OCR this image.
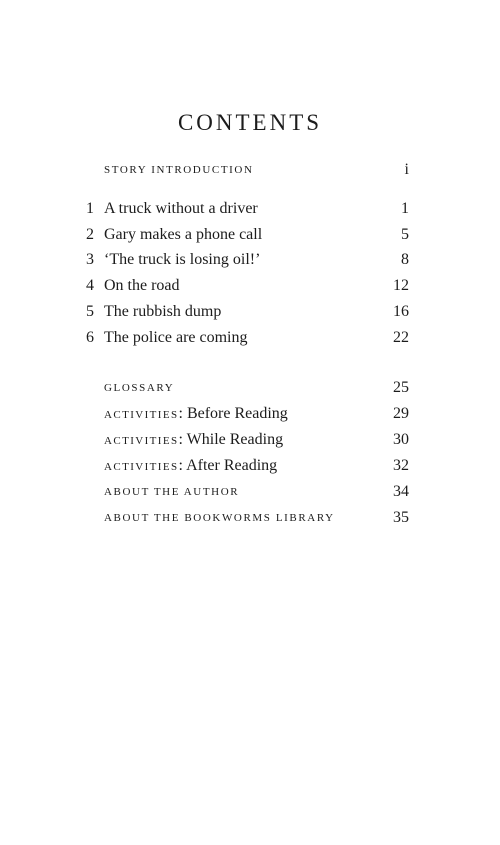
CONTENTS
STORY INTRODUCTION	i
1 A truck without a driver	1
2 Gary makes a phone call	5
3 ‘The truck is losing oil!’	8
4 On the road	12
5 The rubbish dump	16
6 The police are coming	22
GLOSSARY	25
ACTIVITIES: Before Reading	29
ACTIVITIES: While Reading	30
ACTIVITIES: After Reading	32
ABOUT THE AUTHOR	34
ABOUT THE BOOKWORMS LIBRARY	35
